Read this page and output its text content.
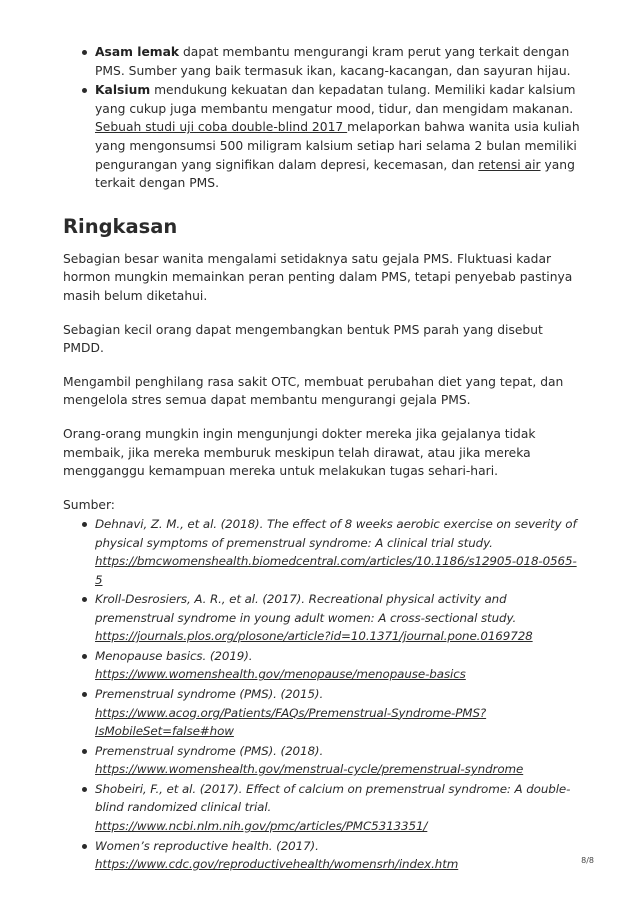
Asam lemak dapat membantu mengurangi kram perut yang terkait dengan PMS. Sumber yang baik termasuk ikan, kacang-kacangan, dan sayuran hijau.
Kalsium mendukung kekuatan dan kepadatan tulang. Memiliki kadar kalsium yang cukup juga membantu mengatur mood, tidur, dan mengidam makanan. Sebuah studi uji coba double-blind 2017 melaporkan bahwa wanita usia kuliah yang mengonsumsi 500 miligram kalsium setiap hari selama 2 bulan memiliki pengurangan yang signifikan dalam depresi, kecemasan, dan retensi air yang terkait dengan PMS.
Ringkasan

Sebagian besar wanita mengalami setidaknya satu gejala PMS. Fluktuasi kadar hormon mungkin memainkan peran penting dalam PMS, tetapi penyebab pastinya masih belum diketahui.

Sebagian kecil orang dapat mengembangkan bentuk PMS parah yang disebut PMDD.

Mengambil penghilang rasa sakit OTC, membuat perubahan diet yang tepat, dan mengelola stres semua dapat membantu mengurangi gejala PMS.

Orang-orang mungkin ingin mengunjungi dokter mereka jika gejalanya tidak membaik, jika mereka memburuk meskipun telah dirawat, atau jika mereka mengganggu kemampuan mereka untuk melakukan tugas sehari-hari.

Sumber:

Dehnavi, Z. M., et al. (2018). The effect of 8 weeks aerobic exercise on severity of physical symptoms of premenstrual syndrome: A clinical trial study.
https://bmcwomenshealth.biomedcentral.com/articles/10.1186/s12905-018-0565-5
Kroll-Desrosiers, A. R., et al. (2017). Recreational physical activity and premenstrual syndrome in young adult women: A cross-sectional study.
https://journals.plos.org/plosone/article?id=10.1371/journal.pone.0169728
Menopause basics. (2019).
https://www.womenshealth.gov/menopause/menopause-basics
Premenstrual syndrome (PMS). (2015).
https://www.acog.org/Patients/FAQs/Premenstrual-Syndrome-PMS?IsMobileSet=false#how
Premenstrual syndrome (PMS). (2018).
https://www.womenshealth.gov/menstrual-cycle/premenstrual-syndrome
Shobeiri, F., et al. (2017). Effect of calcium on premenstrual syndrome: A double-blind randomized clinical trial.
https://www.ncbi.nlm.nih.gov/pmc/articles/PMC5313351/
Women’s reproductive health. (2017).
https://www.cdc.gov/reproductivehealth/womensrh/index.htm	8/8
